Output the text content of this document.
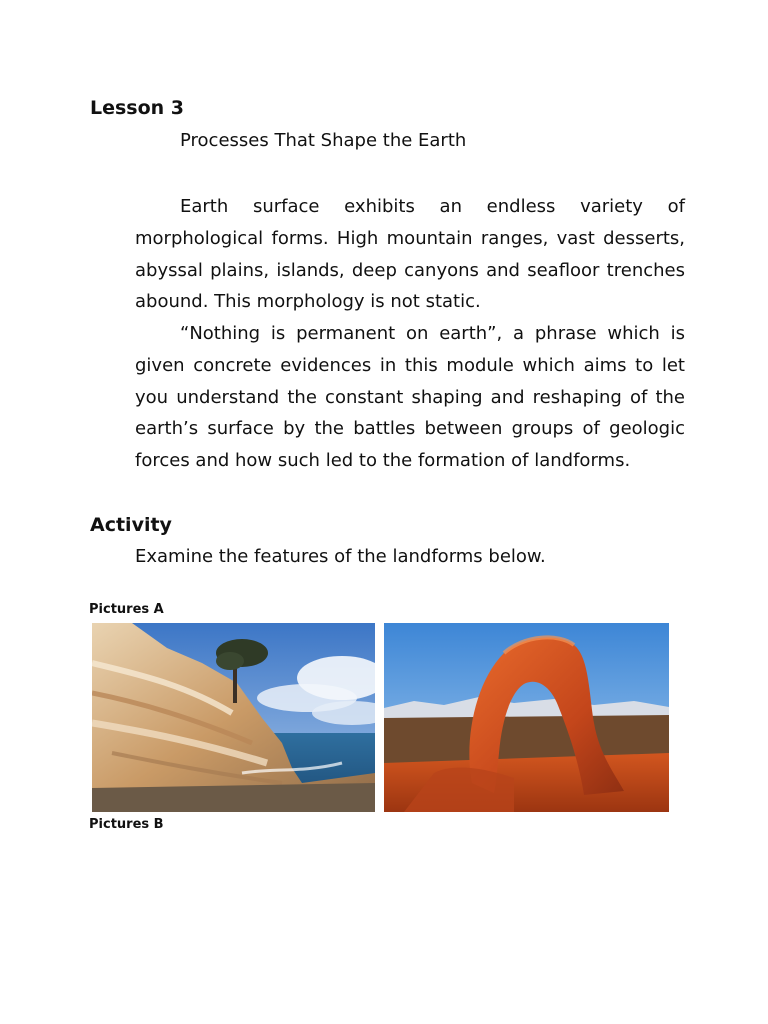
Lesson 3
Processes That Shape the Earth
Earth surface exhibits an endless variety of morphological forms. High mountain ranges, vast desserts, abyssal plains, islands, deep canyons and seafloor trenches abound. This morphology is not static.
“Nothing is permanent on earth”, a phrase which is given concrete evidences in this module which aims to let you understand the constant shaping and reshaping of the earth’s surface by the battles between groups of geologic forces and how such led to the formation of landforms.
Activity
Examine the features of the landforms below.
Pictures A
Pictures B
